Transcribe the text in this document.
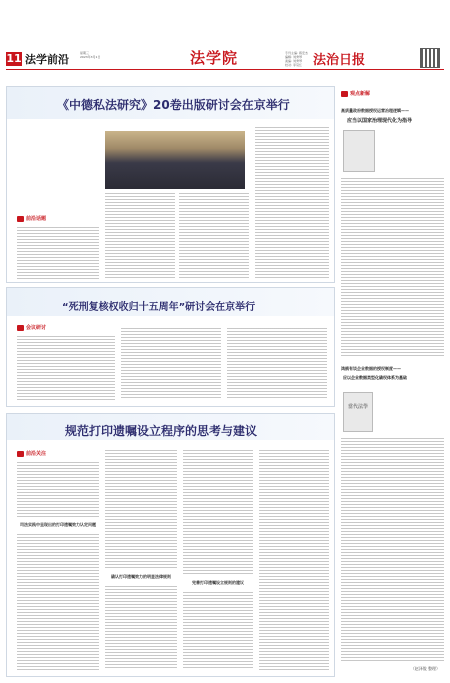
11 法学前沿	星期三
2023年3月1日	法学院	专刊主编: 蒋安杰
编辑: 刘秀琴
美编: 刘秀琴
校对: 李景红 法治日报
《中德私法研究》20卷出版研讨会在京举行
前沿话题
“死刑复核权收归十五周年”研讨会在京举行
会议研讨
规范打印遗嘱设立程序的思考与建议
前沿关注
司法实践中呈现出的打印遗嘱效力认定问题
确认打印遗嘱效力的明显法律规则
完善打印遗嘱设立规则的建议
观点新解
高质量政府数据授权运营治理逻辑——
应当以国家治理现代化为指导
鸿鹄有谈企业数据的授权制度——
应以企业数据类型化确权体系为基础
當代法學
（赵泽俊 整理）
